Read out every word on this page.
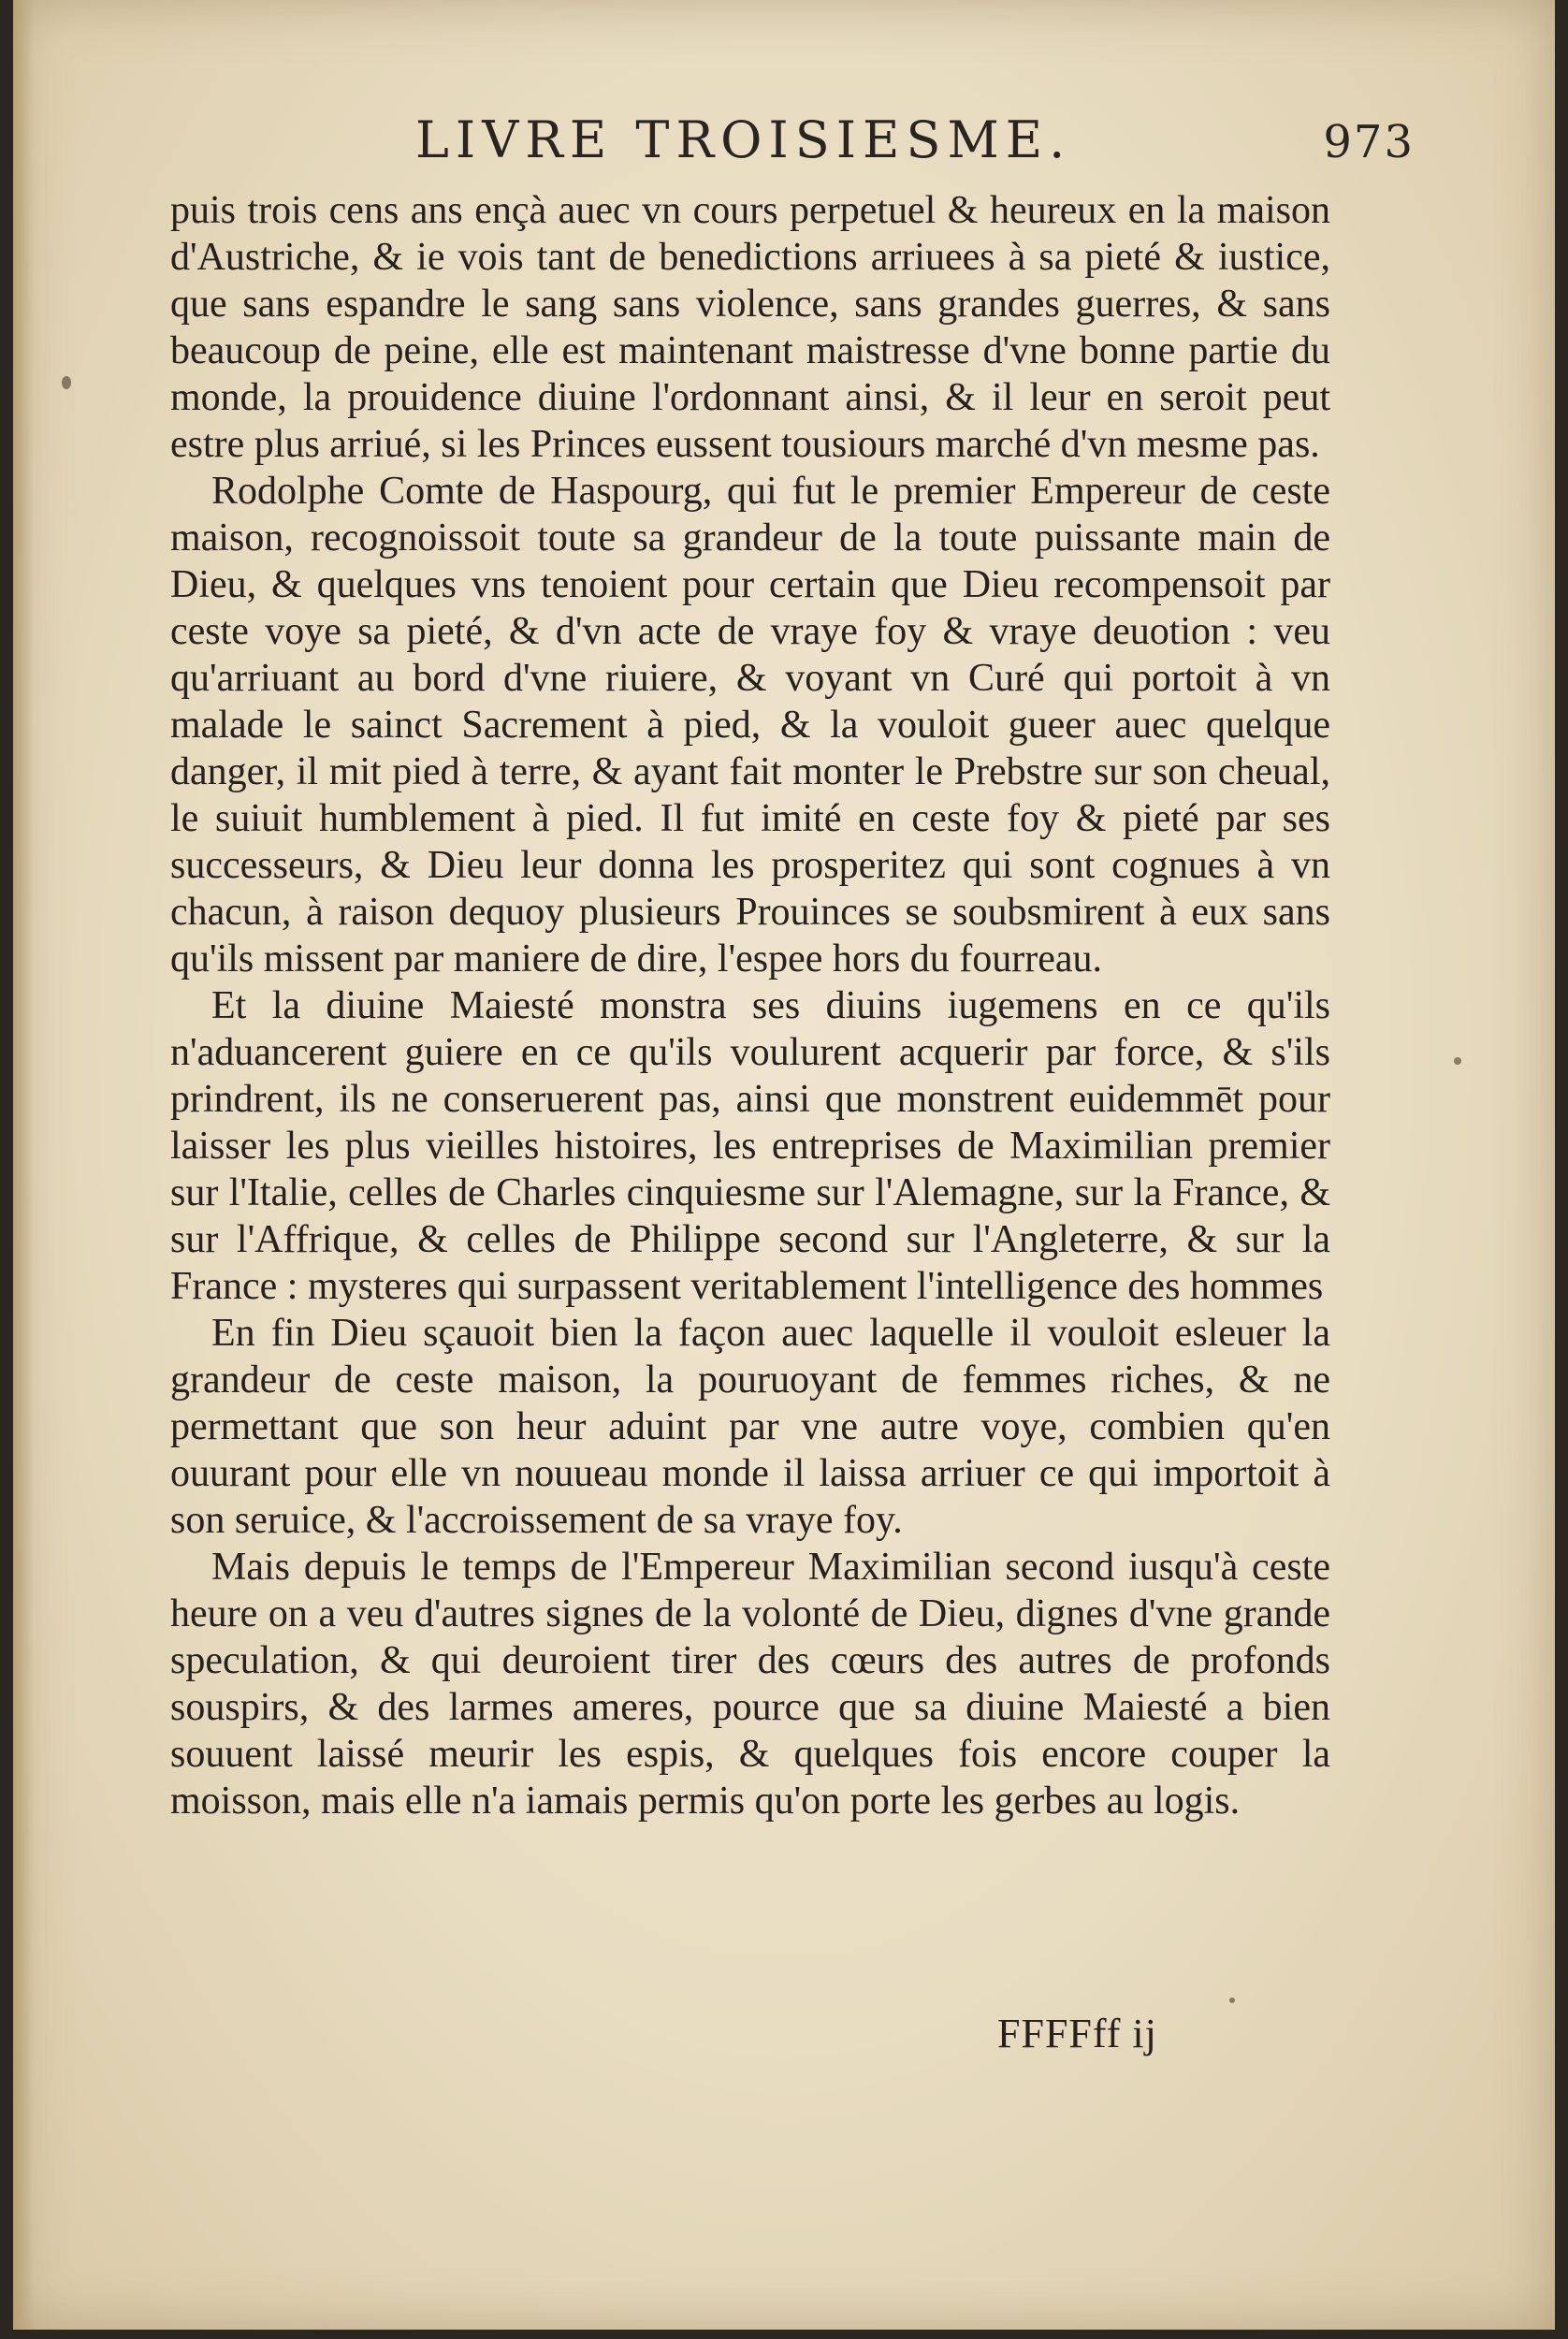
LIVRE TROISIESME.	973

puis trois cens ans ençà auec vn cours perpetuel & heureux en la maison d'Austriche, & ie vois tant de benedictions arriuees à sa pieté & iustice, que sans espandre le sang sans violence, sans grandes guerres, & sans beaucoup de peine, elle est maintenant maistresse d'vne bonne partie du monde, la prouidence diuine l'ordonnant ainsi, & il leur en seroit peut estre plus arriué, si les Princes eussent tousiours marché d'vn mesme pas.

Rodolphe Comte de Haspourg, qui fut le premier Empereur de ceste maison, recognoissoit toute sa grandeur de la toute puissante main de Dieu, & quelques vns tenoient pour certain que Dieu recompensoit par ceste voye sa pieté, & d'vn acte de vraye foy & vraye deuotion : veu qu'arriuant au bord d'vne riuiere, & voyant vn Curé qui portoit à vn malade le sainct Sacrement à pied, & la vouloit gueer auec quelque danger, il mit pied à terre, & ayant fait monter le Prebstre sur son cheual, le suiuit humblement à pied. Il fut imité en ceste foy & pieté par ses successeurs, & Dieu leur donna les prosperitez qui sont cognues à vn chacun, à raison dequoy plusieurs Prouinces se soubsmirent à eux sans qu'ils missent par maniere de dire, l'espee hors du fourreau.

Et la diuine Maiesté monstra ses diuins iugemens en ce qu'ils n'aduancerent guiere en ce qu'ils voulurent acquerir par force, & s'ils prindrent, ils ne conseruerent pas, ainsi que monstrent euidemmēt pour laisser les plus vieilles histoires, les entreprises de Maximilian premier sur l'Italie, celles de Charles cinquiesme sur l'Alemagne, sur la France, & sur l'Affrique, & celles de Philippe second sur l'Angleterre, & sur la France : mysteres qui surpassent veritablement l'intelligence des hommes

En fin Dieu sçauoit bien la façon auec laquelle il vouloit esleuer la grandeur de ceste maison, la pouruoyant de femmes riches, & ne permettant que son heur aduint par vne autre voye, combien qu'en ouurant pour elle vn nouueau monde il laissa arriuer ce qui importoit à son seruice, & l'accroissement de sa vraye foy.

Mais depuis le temps de l'Empereur Maximilian second iusqu'à ceste heure on a veu d'autres signes de la volonté de Dieu, dignes d'vne grande speculation, & qui deuroient tirer des cœurs des autres de profonds souspirs, & des larmes ameres, pource que sa diuine Maiesté a bien souuent laissé meurir les espis, & quelques fois encore couper la moisson, mais elle n'a iamais permis qu'on porte les gerbes au logis.

FFFFff ij
